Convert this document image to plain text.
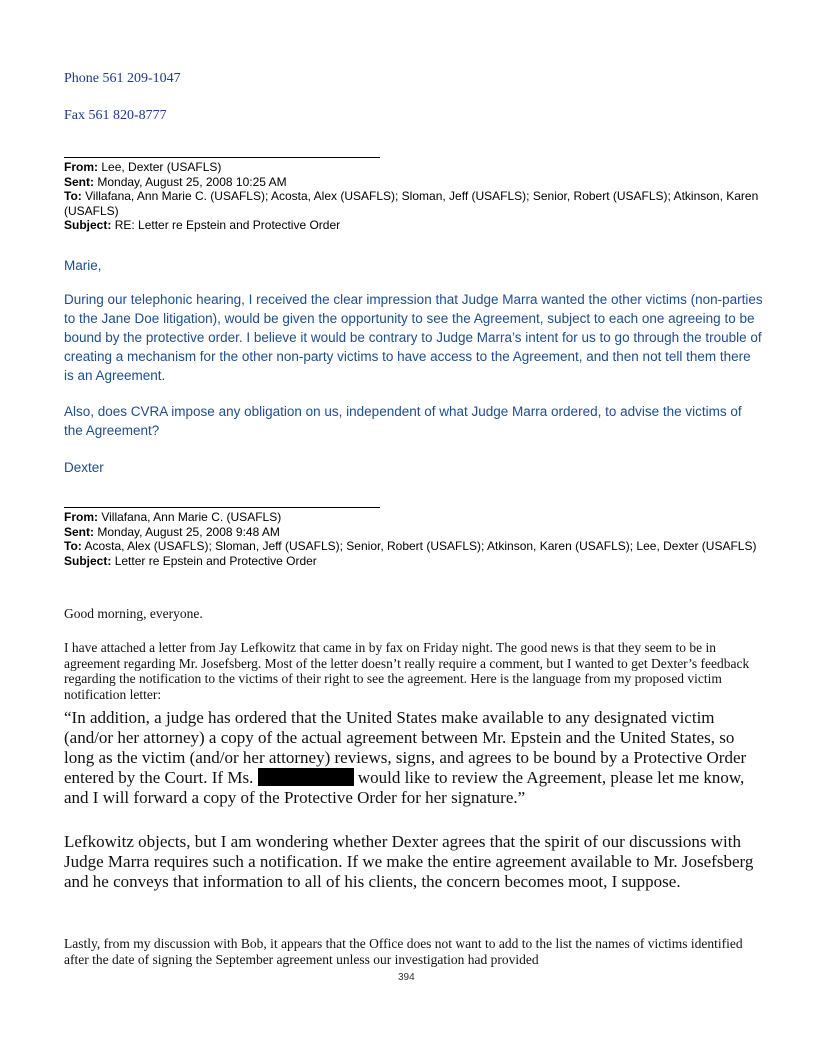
Phone 561 209-1047
Fax 561 820-8777
From: Lee, Dexter (USAFLS)
Sent: Monday, August 25, 2008 10:25 AM
To: Villafana, Ann Marie C. (USAFLS); Acosta, Alex (USAFLS); Sloman, Jeff (USAFLS); Senior, Robert (USAFLS); Atkinson, Karen (USAFLS)
Subject: RE: Letter re Epstein and Protective Order
Marie,
During our telephonic hearing, I received the clear impression that Judge Marra wanted the other victims (non-parties to the Jane Doe litigation), would be given the opportunity to see the Agreement, subject to each one agreeing to be bound by the protective order. I believe it would be contrary to Judge Marra’s intent for us to go through the trouble of creating a mechanism for the other non-party victims to have access to the Agreement, and then not tell them there is an Agreement.
Also, does CVRA impose any obligation on us, independent of what Judge Marra ordered, to advise the victims of the Agreement?
Dexter
From: Villafana, Ann Marie C. (USAFLS)
Sent: Monday, August 25, 2008 9:48 AM
To: Acosta, Alex (USAFLS); Sloman, Jeff (USAFLS); Senior, Robert (USAFLS); Atkinson, Karen (USAFLS); Lee, Dexter (USAFLS)
Subject: Letter re Epstein and Protective Order
Good morning, everyone.
I have attached a letter from Jay Lefkowitz that came in by fax on Friday night. The good news is that they seem to be in agreement regarding Mr. Josefsberg. Most of the letter doesn’t really require a comment, but I wanted to get Dexter’s feedback regarding the notification to the victims of their right to see the agreement. Here is the language from my proposed victim notification letter:
“In addition, a judge has ordered that the United States make available to any designated victim (and/or her attorney) a copy of the actual agreement between Mr. Epstein and the United States, so long as the victim (and/or her attorney) reviews, signs, and agrees to be bound by a Protective Order entered by the Court. If Ms.	would like to review the Agreement, please let me know, and I will forward a copy of the Protective Order for her signature.”
Lefkowitz objects, but I am wondering whether Dexter agrees that the spirit of our discussions with Judge Marra requires such a notification. If we make the entire agreement available to Mr. Josefsberg and he conveys that information to all of his clients, the concern becomes moot, I suppose.
Lastly, from my discussion with Bob, it appears that the Office does not want to add to the list the names of victims identified after the date of signing the September agreement unless our investigation had provided
394
